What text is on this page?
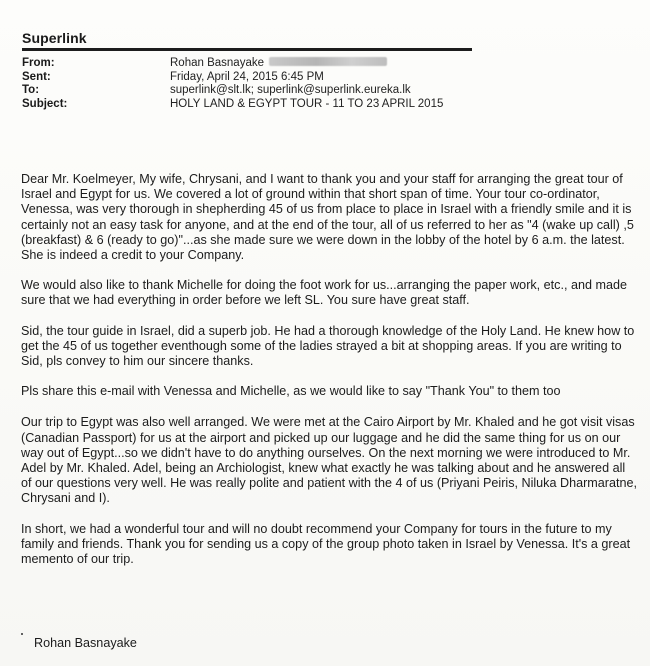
Superlink
From:	Rohan Basnayake
Sent:	Friday, April 24, 2015 6:45 PM
To:	superlink@slt.lk; superlink@superlink.eureka.lk
Subject:	HOLY LAND & EGYPT TOUR - 11 TO 23 APRIL 2015

Dear Mr. Koelmeyer, My wife, Chrysani, and I want to thank you and your staff for arranging the great tour of Israel and Egypt for us. We covered a lot of ground within that short span of time. Your tour co-ordinator, Venessa, was very thorough in shepherding 45 of us from place to place in Israel with a friendly smile and it is certainly not an easy task for anyone, and at the end of the tour, all of us referred to her as "4 (wake up call) ,5 (breakfast) & 6 (ready to go)"...as she made sure we were down in the lobby of the hotel by 6 a.m. the latest. She is indeed a credit to your Company.

We would also like to thank Michelle for doing the foot work for us...arranging the paper work, etc., and made sure that we had everything in order before we left SL. You sure have great staff.

Sid, the tour guide in Israel, did a superb job. He had a thorough knowledge of the Holy Land. He knew how to get the 45 of us together eventhough some of the ladies strayed a bit at shopping areas. If you are writing to Sid, pls convey to him our sincere thanks.

Pls share this e-mail with Venessa and Michelle, as we would like to say "Thank You" to them too

Our trip to Egypt was also well arranged. We were met at the Cairo Airport by Mr. Khaled and he got visit visas (Canadian Passport) for us at the airport and picked up our luggage and he did the same thing for us on our way out of Egypt...so we didn't have to do anything ourselves. On the next morning we were introduced to Mr. Adel by Mr. Khaled. Adel, being an Archiologist, knew what exactly he was talking about and he answered all of our questions very well. He was really polite and patient with the 4 of us (Priyani Peiris, Niluka Dharmaratne, Chrysani and I).

In short, we had a wonderful tour and will no doubt recommend your Company for tours in the future to my family and friends. Thank you for sending us a copy of the group photo taken in Israel by Venessa. It's a great memento of our trip.

Rohan Basnayake
